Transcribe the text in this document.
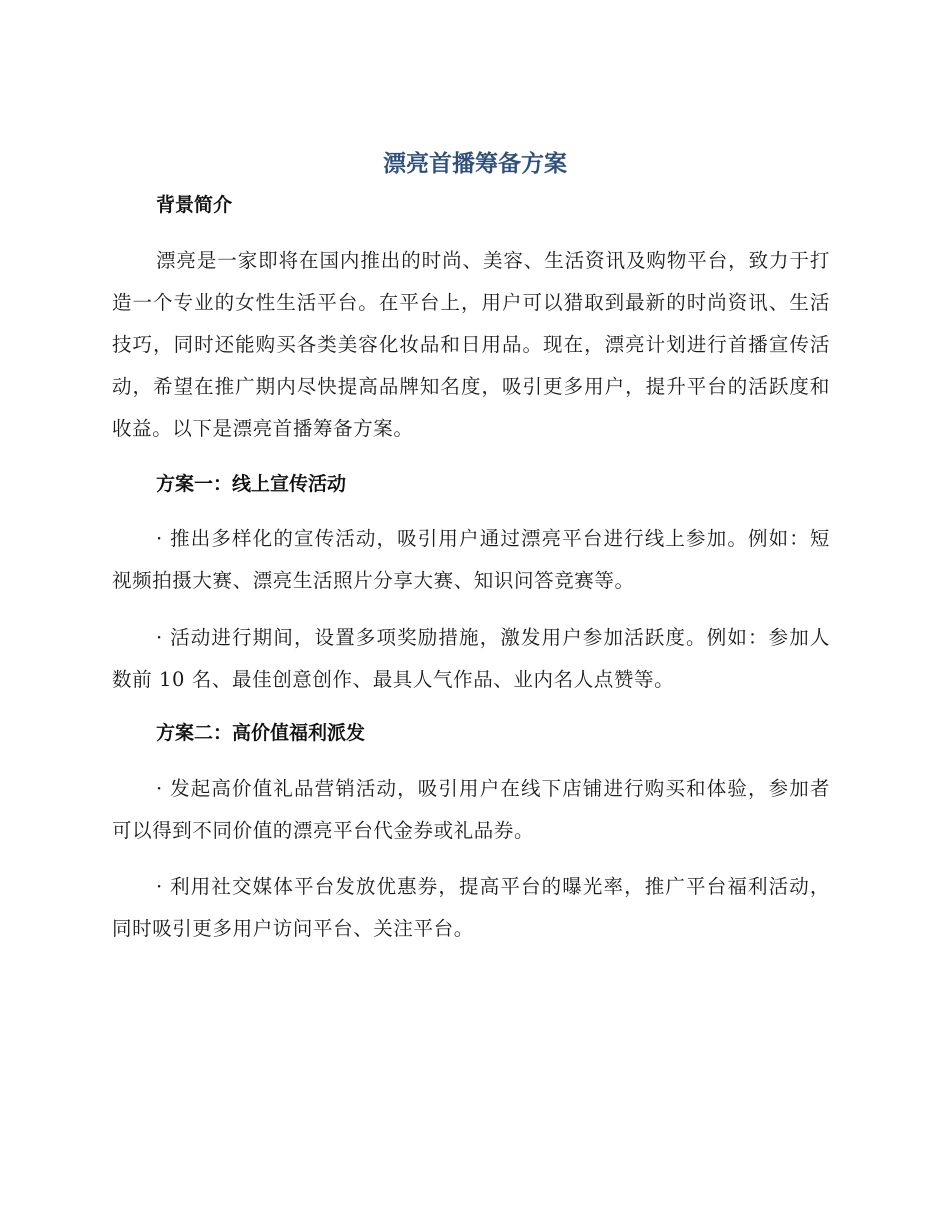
漂亮首播筹备方案
背景简介

漂亮是一家即将在国内推出的时尚、美容、生活资讯及购物平台，致力于打造一个专业的女性生活平台。在平台上，用户可以猎取到最新的时尚资讯、生活技巧，同时还能购买各类美容化妆品和日用品。现在，漂亮计划进行首播宣传活动，希望在推广期内尽快提高品牌知名度，吸引更多用户，提升平台的活跃度和收益。以下是漂亮首播筹备方案。

方案一：线上宣传活动

· 推出多样化的宣传活动，吸引用户通过漂亮平台进行线上参加。例如：短视频拍摄大赛、漂亮生活照片分享大赛、知识问答竞赛等。

· 活动进行期间，设置多项奖励措施，激发用户参加活跃度。例如：参加人数前 10 名、最佳创意创作、最具人气作品、业内名人点赞等。

方案二：高价值福利派发

· 发起高价值礼品营销活动，吸引用户在线下店铺进行购买和体验，参加者可以得到不同价值的漂亮平台代金券或礼品券。

· 利用社交媒体平台发放优惠券，提高平台的曝光率，推广平台福利活动，同时吸引更多用户访问平台、关注平台。
